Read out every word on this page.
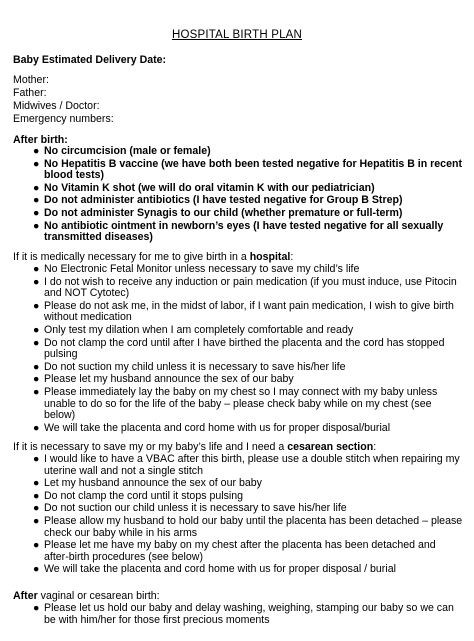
HOSPITAL BIRTH PLAN
Baby Estimated Delivery Date:
Mother:
Father:
Midwives / Doctor:
Emergency numbers:
After birth:
● No circumcision (male or female)
● No Hepatitis B vaccine (we have both been tested negative for Hepatitis B in recent blood tests)
● No Vitamin K shot (we will do oral vitamin K with our pediatrician)
● Do not administer antibiotics (I have tested negative for Group B Strep)
● Do not administer Synagis to our child (whether premature or full-term)
● No antibiotic ointment in newborn’s eyes (I have tested negative for all sexually transmitted diseases)
If it is medically necessary for me to give birth in a hospital:
● No Electronic Fetal Monitor unless necessary to save my child’s life
● I do not wish to receive any induction or pain medication (if you must induce, use Pitocin and NOT Cytotec)
● Please do not ask me, in the midst of labor, if I want pain medication, I wish to give birth without medication
● Only test my dilation when I am completely comfortable and ready
● Do not clamp the cord until after I have birthed the placenta and the cord has stopped pulsing
● Do not suction my child unless it is necessary to save his/her life
● Please let my husband announce the sex of our baby
● Please immediately lay the baby on my chest so I may connect with my baby unless unable to do so for the life of the baby – please check baby while on my chest (see below)
● We will take the placenta and cord home with us for proper disposal/burial
If it is necessary to save my or my baby’s life and I need a cesarean section:
● I would like to have a VBAC after this birth, please use a double stitch when repairing my uterine wall and not a single stitch
● Let my husband announce the sex of our baby
● Do not clamp the cord until it stops pulsing
● Do not suction our child unless it is necessary to save his/her life
● Please allow my husband to hold our baby until the placenta has been detached – please check our baby while in his arms
● Please let me have my baby on my chest after the placenta has been detached and after-birth procedures (see below)
● We will take the placenta and cord home with us for proper disposal / burial
After vaginal or cesarean birth:
● Please let us hold our baby and delay washing, weighing, stamping our baby so we can be with him/her for those first precious moments
